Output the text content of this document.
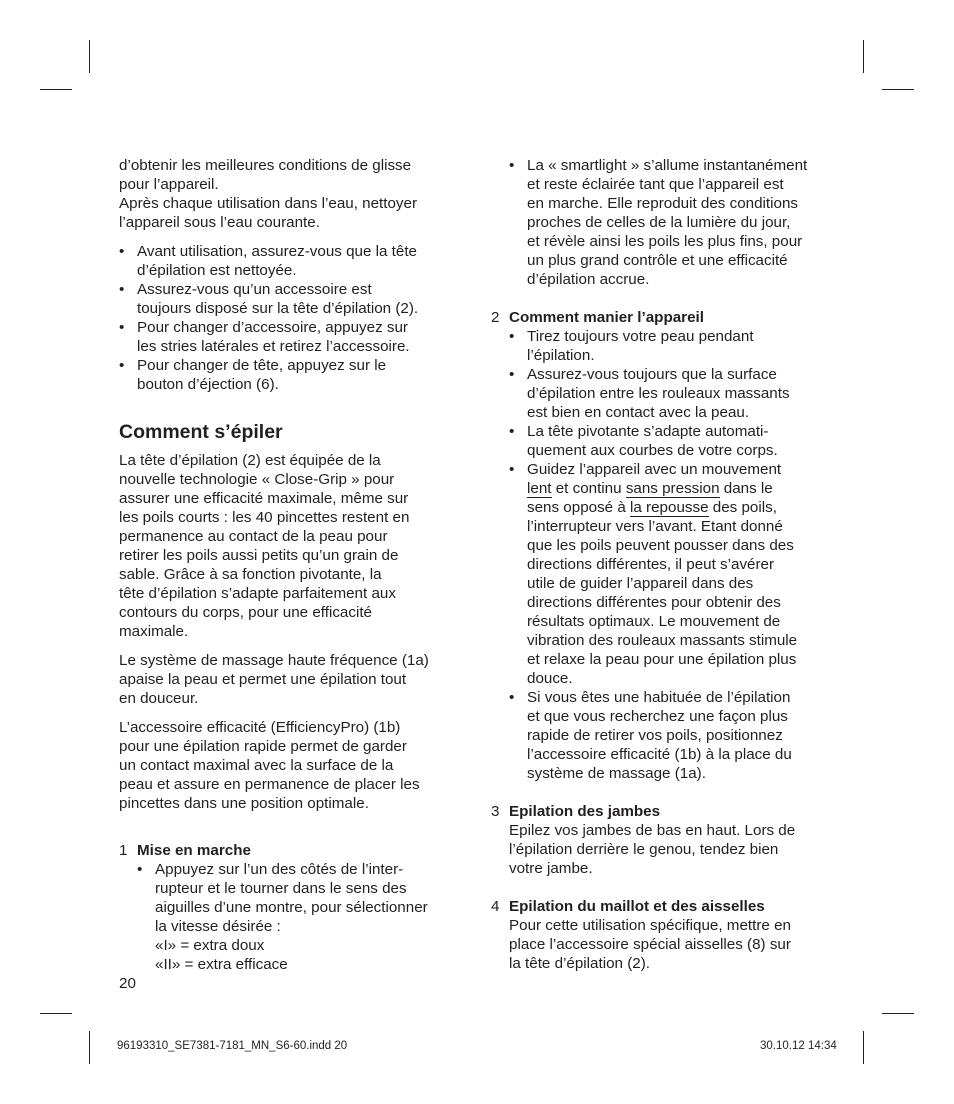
d’obtenir les meilleures conditions de glisse

pour l’appareil.

Après chaque utilisation dans l’eau, nettoyer

l’appareil sous l’eau courante.

• Avant utilisation, assurez-vous que la tête
d’épilation est nettoyée.
• Assurez-vous qu’un accessoire est
toujours disposé sur la tête d’épilation (2).
• Pour changer d’accessoire, appuyez sur
les stries latérales et retirez l’accessoire.
• Pour changer de tête, appuyez sur le
bouton d’éjection (6).
Comment s’épiler

La tête d’épilation (2) est équipée de la

nouvelle technologie « Close-Grip » pour

assurer une efficacité maximale, même sur

les poils courts : les 40 pincettes restent en

permanence au contact de la peau pour

retirer les poils aussi petits qu’un grain de

sable. Grâce à sa fonction pivotante, la

tête d’épilation s’adapte parfaitement aux

contours du corps, pour une efficacité

maximale.

Le système de massage haute fréquence (1a)

apaise la peau et permet une épilation tout

en douceur.

L’accessoire efficacité (EfficiencyPro) (1b)

pour une épilation rapide permet de garder

un contact maximal avec la surface de la

peau et assure en permanence de placer les

pincettes dans une position optimale.

1 Mise en marche
• Appuyez sur l’un des côtés de l’inter-
rupteur et le tourner dans le sens des
aiguilles d’une montre, pour sélectionner
la vitesse désirée :
«I» = extra doux
«II» = extra efficace
• La « smartlight » s’allume instantanément
et reste éclairée tant que l’appareil est
en marche. Elle reproduit des conditions
proches de celles de la lumière du jour,
et révèle ainsi les poils les plus fins, pour
un plus grand contrôle et une efficacité
d’épilation accrue.
2 Comment manier l’appareil
• Tirez toujours votre peau pendant
l’épilation.
• Assurez-vous toujours que la surface
d’épilation entre les rouleaux massants
est bien en contact avec la peau.
• La tête pivotante s’adapte automati-
quement aux courbes de votre corps.
• Guidez l’appareil avec un mouvement
lent et continu sans pression dans le
sens opposé à la repousse des poils,
l’interrupteur vers l’avant. Etant donné
que les poils peuvent pousser dans des
directions différentes, il peut s’avérer
utile de guider l’appareil dans des
directions différentes pour obtenir des
résultats optimaux. Le mouvement de
vibration des rouleaux massants stimule
et relaxe la peau pour une épilation plus
douce.
• Si vous êtes une habituée de l’épilation
et que vous recherchez une façon plus
rapide de retirer vos poils, positionnez
l’accessoire efficacité (1b) à la place du
système de massage (1a).
3 Epilation des jambes

Epilez vos jambes de bas en haut. Lors de

l’épilation derrière le genou, tendez bien

votre jambe.

4 Epilation du maillot et des aisselles

Pour cette utilisation spécifique, mettre en

place l’accessoire spécial aisselles (8) sur

la tête d’épilation (2).

20
96193310_SE7381-7181_MN_S6-60.indd 20	30.10.12 14:34
